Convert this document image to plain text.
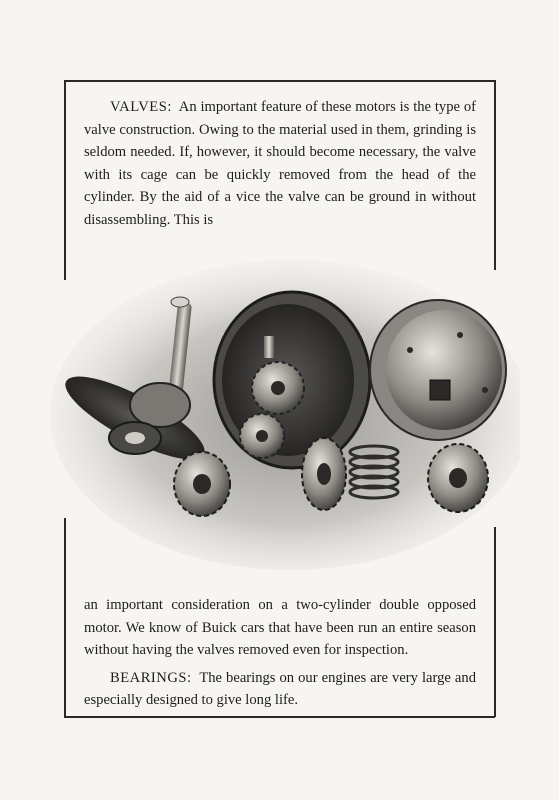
VALVES: An important feature of these motors is the type of valve construction. Owing to the material used in them, grinding is seldom needed. If, however, it should become necessary, the valve with its cage can be quickly removed from the head of the cylinder. By the aid of a vice the valve can be ground in without disassembling. This is

an important consideration on a two-cylinder double opposed motor. We know of Buick cars that have been run an entire season without having the valves removed even for inspection.

BEARINGS: The bearings on our engines are very large and especially designed to give long life.
